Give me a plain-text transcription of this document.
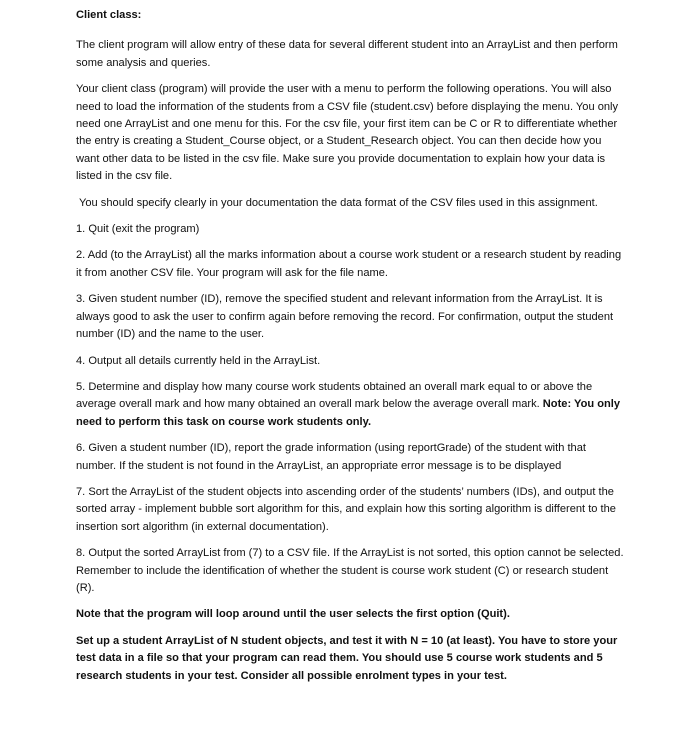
Client class:

The client program will allow entry of these data for several different student into an ArrayList and then perform some analysis and queries.

Your client class (program) will provide the user with a menu to perform the following operations. You will also need to load the information of the students from a CSV file (student.csv) before displaying the menu. You only need one ArrayList and one menu for this. For the csv file, your first item can be C or R to differentiate whether the entry is creating a Student_Course object, or a Student_Research object. You can then decide how you want other data to be listed in the csv file. Make sure you provide documentation to explain how your data is listed in the csv file.

You should specify clearly in your documentation the data format of the CSV files used in this assignment.

1. Quit (exit the program)

2. Add (to the ArrayList) all the marks information about a course work student or a research student by reading it from another CSV file. Your program will ask for the file name.

3. Given student number (ID), remove the specified student and relevant information from the ArrayList. It is always good to ask the user to confirm again before removing the record. For confirmation, output the student number (ID) and the name to the user.

4. Output all details currently held in the ArrayList.

5. Determine and display how many course work students obtained an overall mark equal to or above the average overall mark and how many obtained an overall mark below the average overall mark. Note: You only need to perform this task on course work students only.

6. Given a student number (ID), report the grade information (using reportGrade) of the student with that number. If the student is not found in the ArrayList, an appropriate error message is to be displayed

7. Sort the ArrayList of the student objects into ascending order of the students’ numbers (IDs), and output the sorted array - implement bubble sort algorithm for this, and explain how this sorting algorithm is different to the insertion sort algorithm (in external documentation).

8. Output the sorted ArrayList from (7) to a CSV file. If the ArrayList is not sorted, this option cannot be selected. Remember to include the identification of whether the student is course work student (C) or research student (R).

Note that the program will loop around until the user selects the first option (Quit).

Set up a student ArrayList of N student objects, and test it with N = 10 (at least). You have to store your test data in a file so that your program can read them. You should use 5 course work students and 5 research students in your test. Consider all possible enrolment types in your test.
